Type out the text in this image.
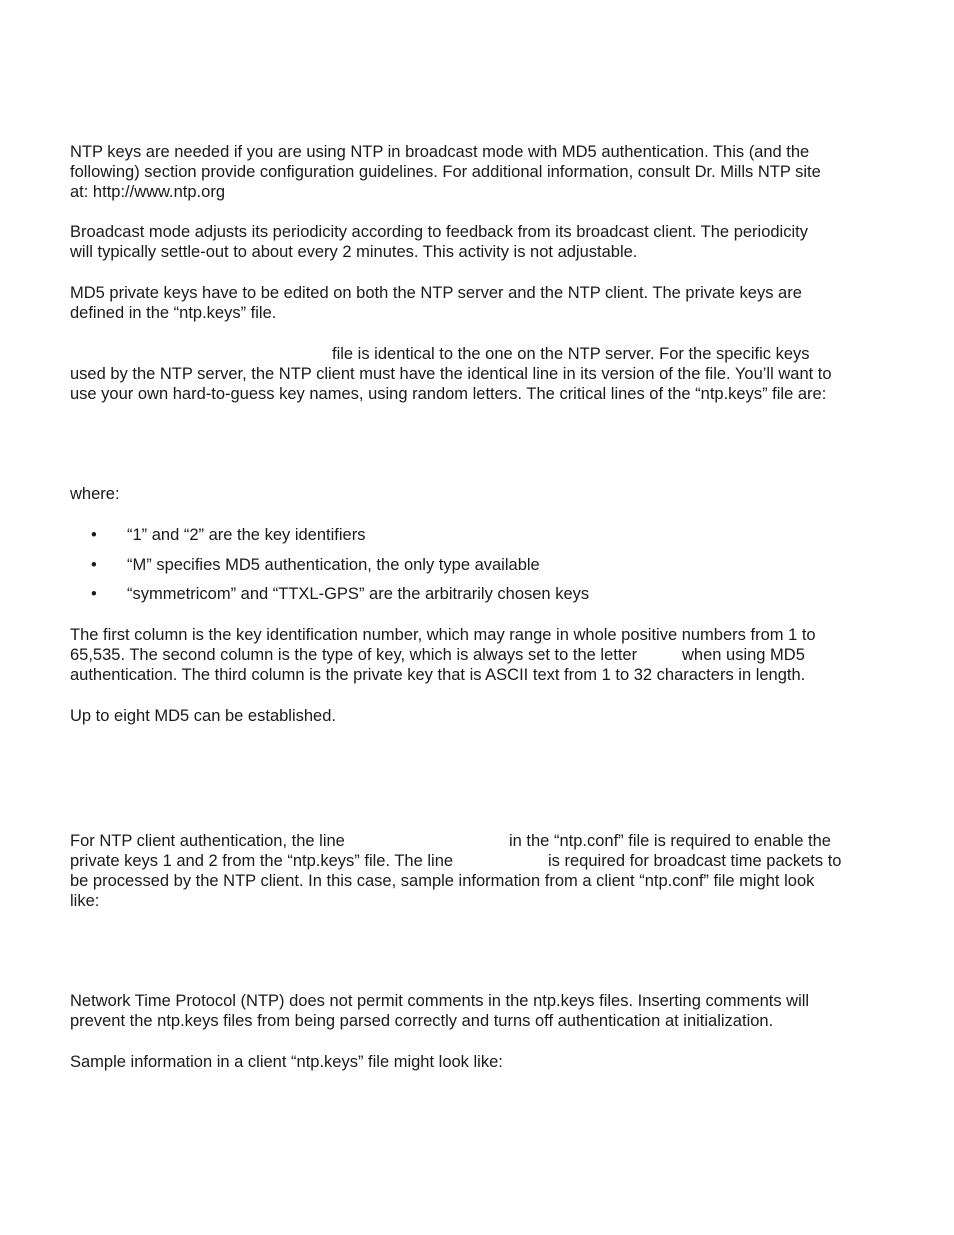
NTP keys are needed if you are using NTP in broadcast mode with MD5 authentication. This (and the

following) section provide configuration guidelines. For additional information, consult Dr. Mills NTP site

at: http://www.ntp.org

Broadcast mode adjusts its periodicity according to feedback from its broadcast client. The periodicity

will typically settle-out to about every 2 minutes. This activity is not adjustable.

MD5 private keys have to be edited on both the NTP server and the NTP client. The private keys are

defined in the “ntp.keys” file.

file is identical to the one on the NTP server. For the specific keys

used by the NTP server, the NTP client must have the identical line in its version of the file. You’ll want to

use your own hard-to-guess key names, using random letters. The critical lines of the “ntp.keys” file are:

where:

• “1” and “2” are the key identifiers
• “M” specifies MD5 authentication, the only type available
• “symmetricom” and “TTXL-GPS” are the arbitrarily chosen keys

The first column is the key identification number, which may range in whole positive numbers from 1 to

65,535. The second column is the type of key, which is always set to the letter	when using MD5

authentication. The third column is the private key that is ASCII text from 1 to 32 characters in length.

Up to eight MD5 can be established.

For NTP client authentication, the line	in the “ntp.conf” file is required to enable the

private keys 1 and 2 from the “ntp.keys” file. The line	is required for broadcast time packets to

be processed by the NTP client. In this case, sample information from a client “ntp.conf” file might look

like:

Network Time Protocol (NTP) does not permit comments in the ntp.keys files. Inserting comments will

prevent the ntp.keys files from being parsed correctly and turns off authentication at initialization.

Sample information in a client “ntp.keys” file might look like:
